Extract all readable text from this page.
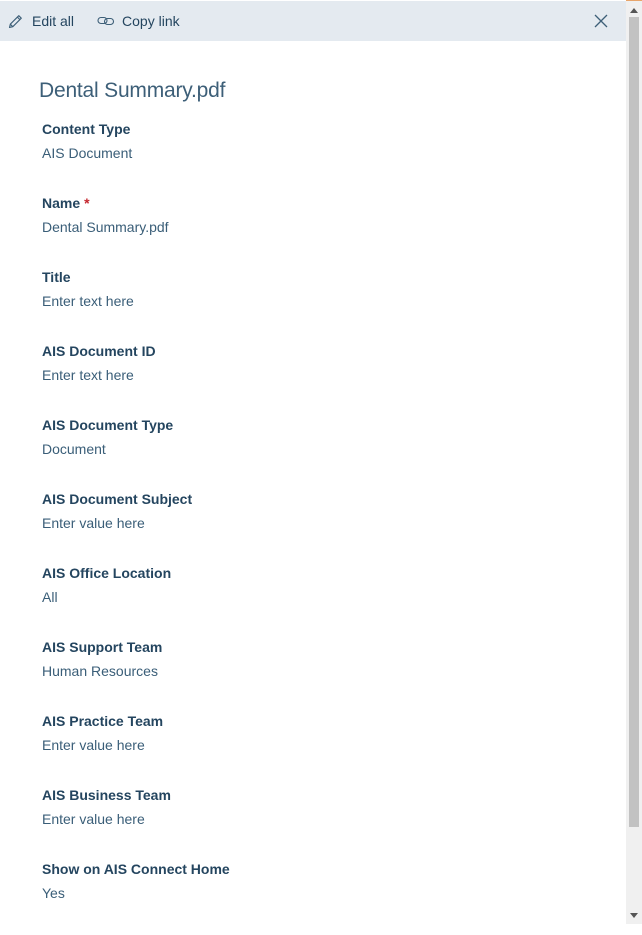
Edit all	Copy link
Dental Summary.pdf
Content Type
AIS Document
Name *
Dental Summary.pdf
Title
Enter text here
AIS Document ID
Enter text here
AIS Document Type
Document
AIS Document Subject
Enter value here
AIS Office Location
All
AIS Support Team
Human Resources
AIS Practice Team
Enter value here
AIS Business Team
Enter value here
Show on AIS Connect Home
Yes
